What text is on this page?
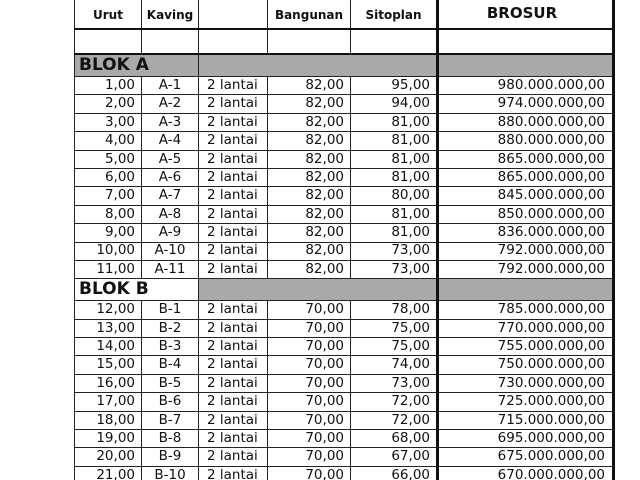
Urut	Kaving		Bangunan	Sitoplan	BROSUR

BLOK A					
1,00	A-1	2 lantai	82,00	95,00	980.000.000,00
2,00	A-2	2 lantai	82,00	94,00	974.000.000,00
3,00	A-3	2 lantai	82,00	81,00	880.000.000,00
4,00	A-4	2 lantai	82,00	81,00	880.000.000,00
5,00	A-5	2 lantai	82,00	81,00	865.000.000,00
6,00	A-6	2 lantai	82,00	81,00	865.000.000,00
7,00	A-7	2 lantai	82,00	80,00	845.000.000,00
8,00	A-8	2 lantai	82,00	81,00	850.000.000,00
9,00	A-9	2 lantai	82,00	81,00	836.000.000,00
10,00	A-10	2 lantai	82,00	73,00	792.000.000,00
11,00	A-11	2 lantai	82,00	73,00	792.000.000,00
BLOK B					
12,00	B-1	2 lantai	70,00	78,00	785.000.000,00
13,00	B-2	2 lantai	70,00	75,00	770.000.000,00
14,00	B-3	2 lantai	70,00	75,00	755.000.000,00
15,00	B-4	2 lantai	70,00	74,00	750.000.000,00
16,00	B-5	2 lantai	70,00	73,00	730.000.000,00
17,00	B-6	2 lantai	70,00	72,00	725.000.000,00
18,00	B-7	2 lantai	70,00	72,00	715.000.000,00
19,00	B-8	2 lantai	70,00	68,00	695.000.000,00
20,00	B-9	2 lantai	70,00	67,00	675.000.000,00
21,00	B-10	2 lantai	70,00	66,00	670.000.000,00
